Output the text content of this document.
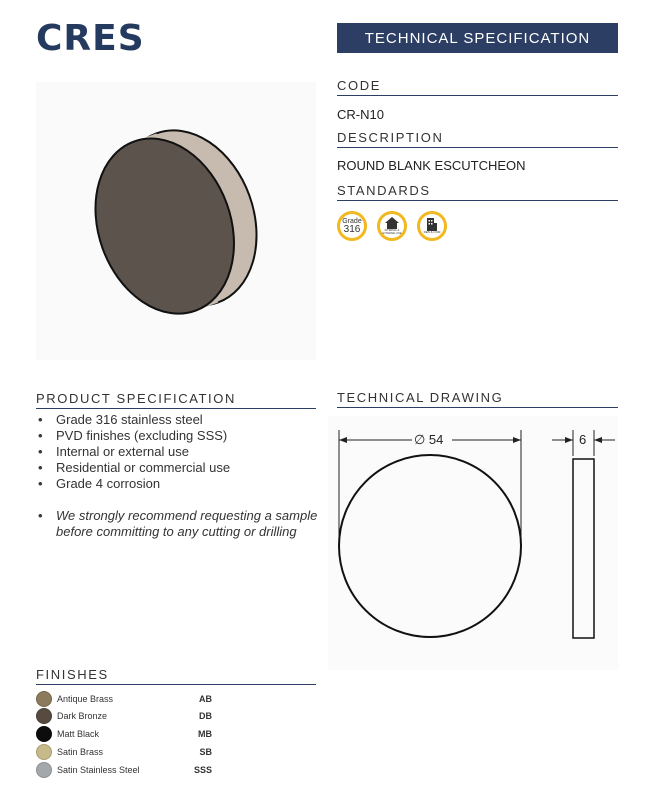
CRES	TECHNICAL SPECIFICATION
CODE
CR-N10
DESCRIPTION
ROUND BLANK ESCUTCHEON
STANDARDS
Grade
316	INTERNAL & EXTERNAL USE	RES & COM
PRODUCT SPECIFICATION
• Grade 316 stainless steel
• PVD finishes (excluding SSS)
• Internal or external use
• Residential or commercial use
• Grade 4 corrosion
• We strongly recommend requesting a sample before committing to any cutting or drilling
TECHNICAL DRAWING
∅ 54	6
FINISHES
Antique Brass	AB
Dark Bronze	DB
Matt Black	MB
Satin Brass	SB
Satin Stainless Steel	SSS
